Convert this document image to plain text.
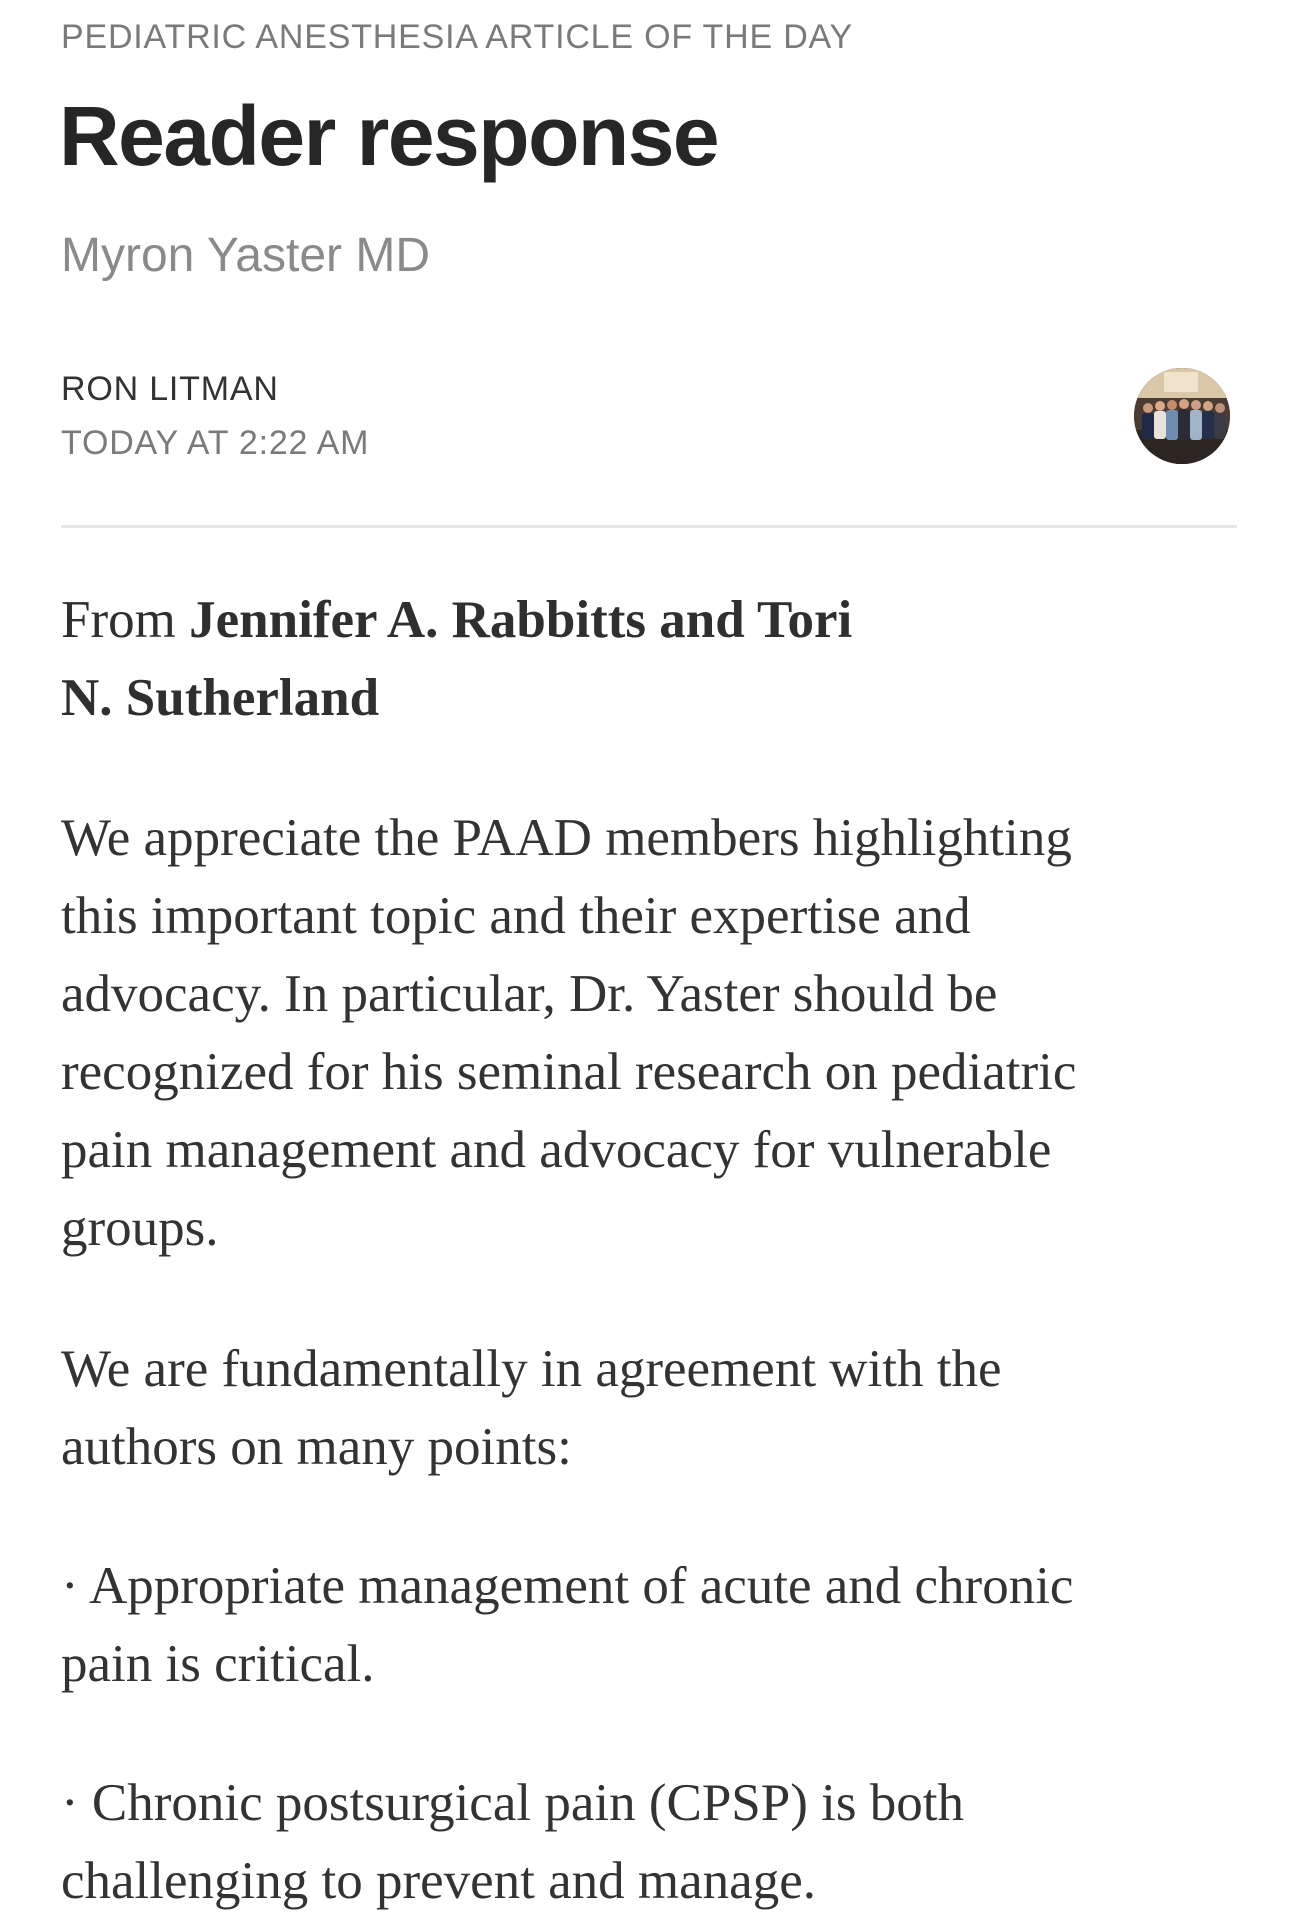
PEDIATRIC ANESTHESIA ARTICLE OF THE DAY
Reader response
Myron Yaster MD
RON LITMAN
TODAY AT 2:22 AM

From Jennifer A. Rabbitts and Tori
N. Sutherland

We appreciate the PAAD members highlighting
this important topic and their expertise and
advocacy. In particular, Dr. Yaster should be
recognized for his seminal research on pediatric
pain management and advocacy for vulnerable
groups.

We are fundamentally in agreement with the
authors on many points:

· Appropriate management of acute and chronic
pain is critical.

· Chronic postsurgical pain (CPSP) is both
challenging to prevent and manage.
